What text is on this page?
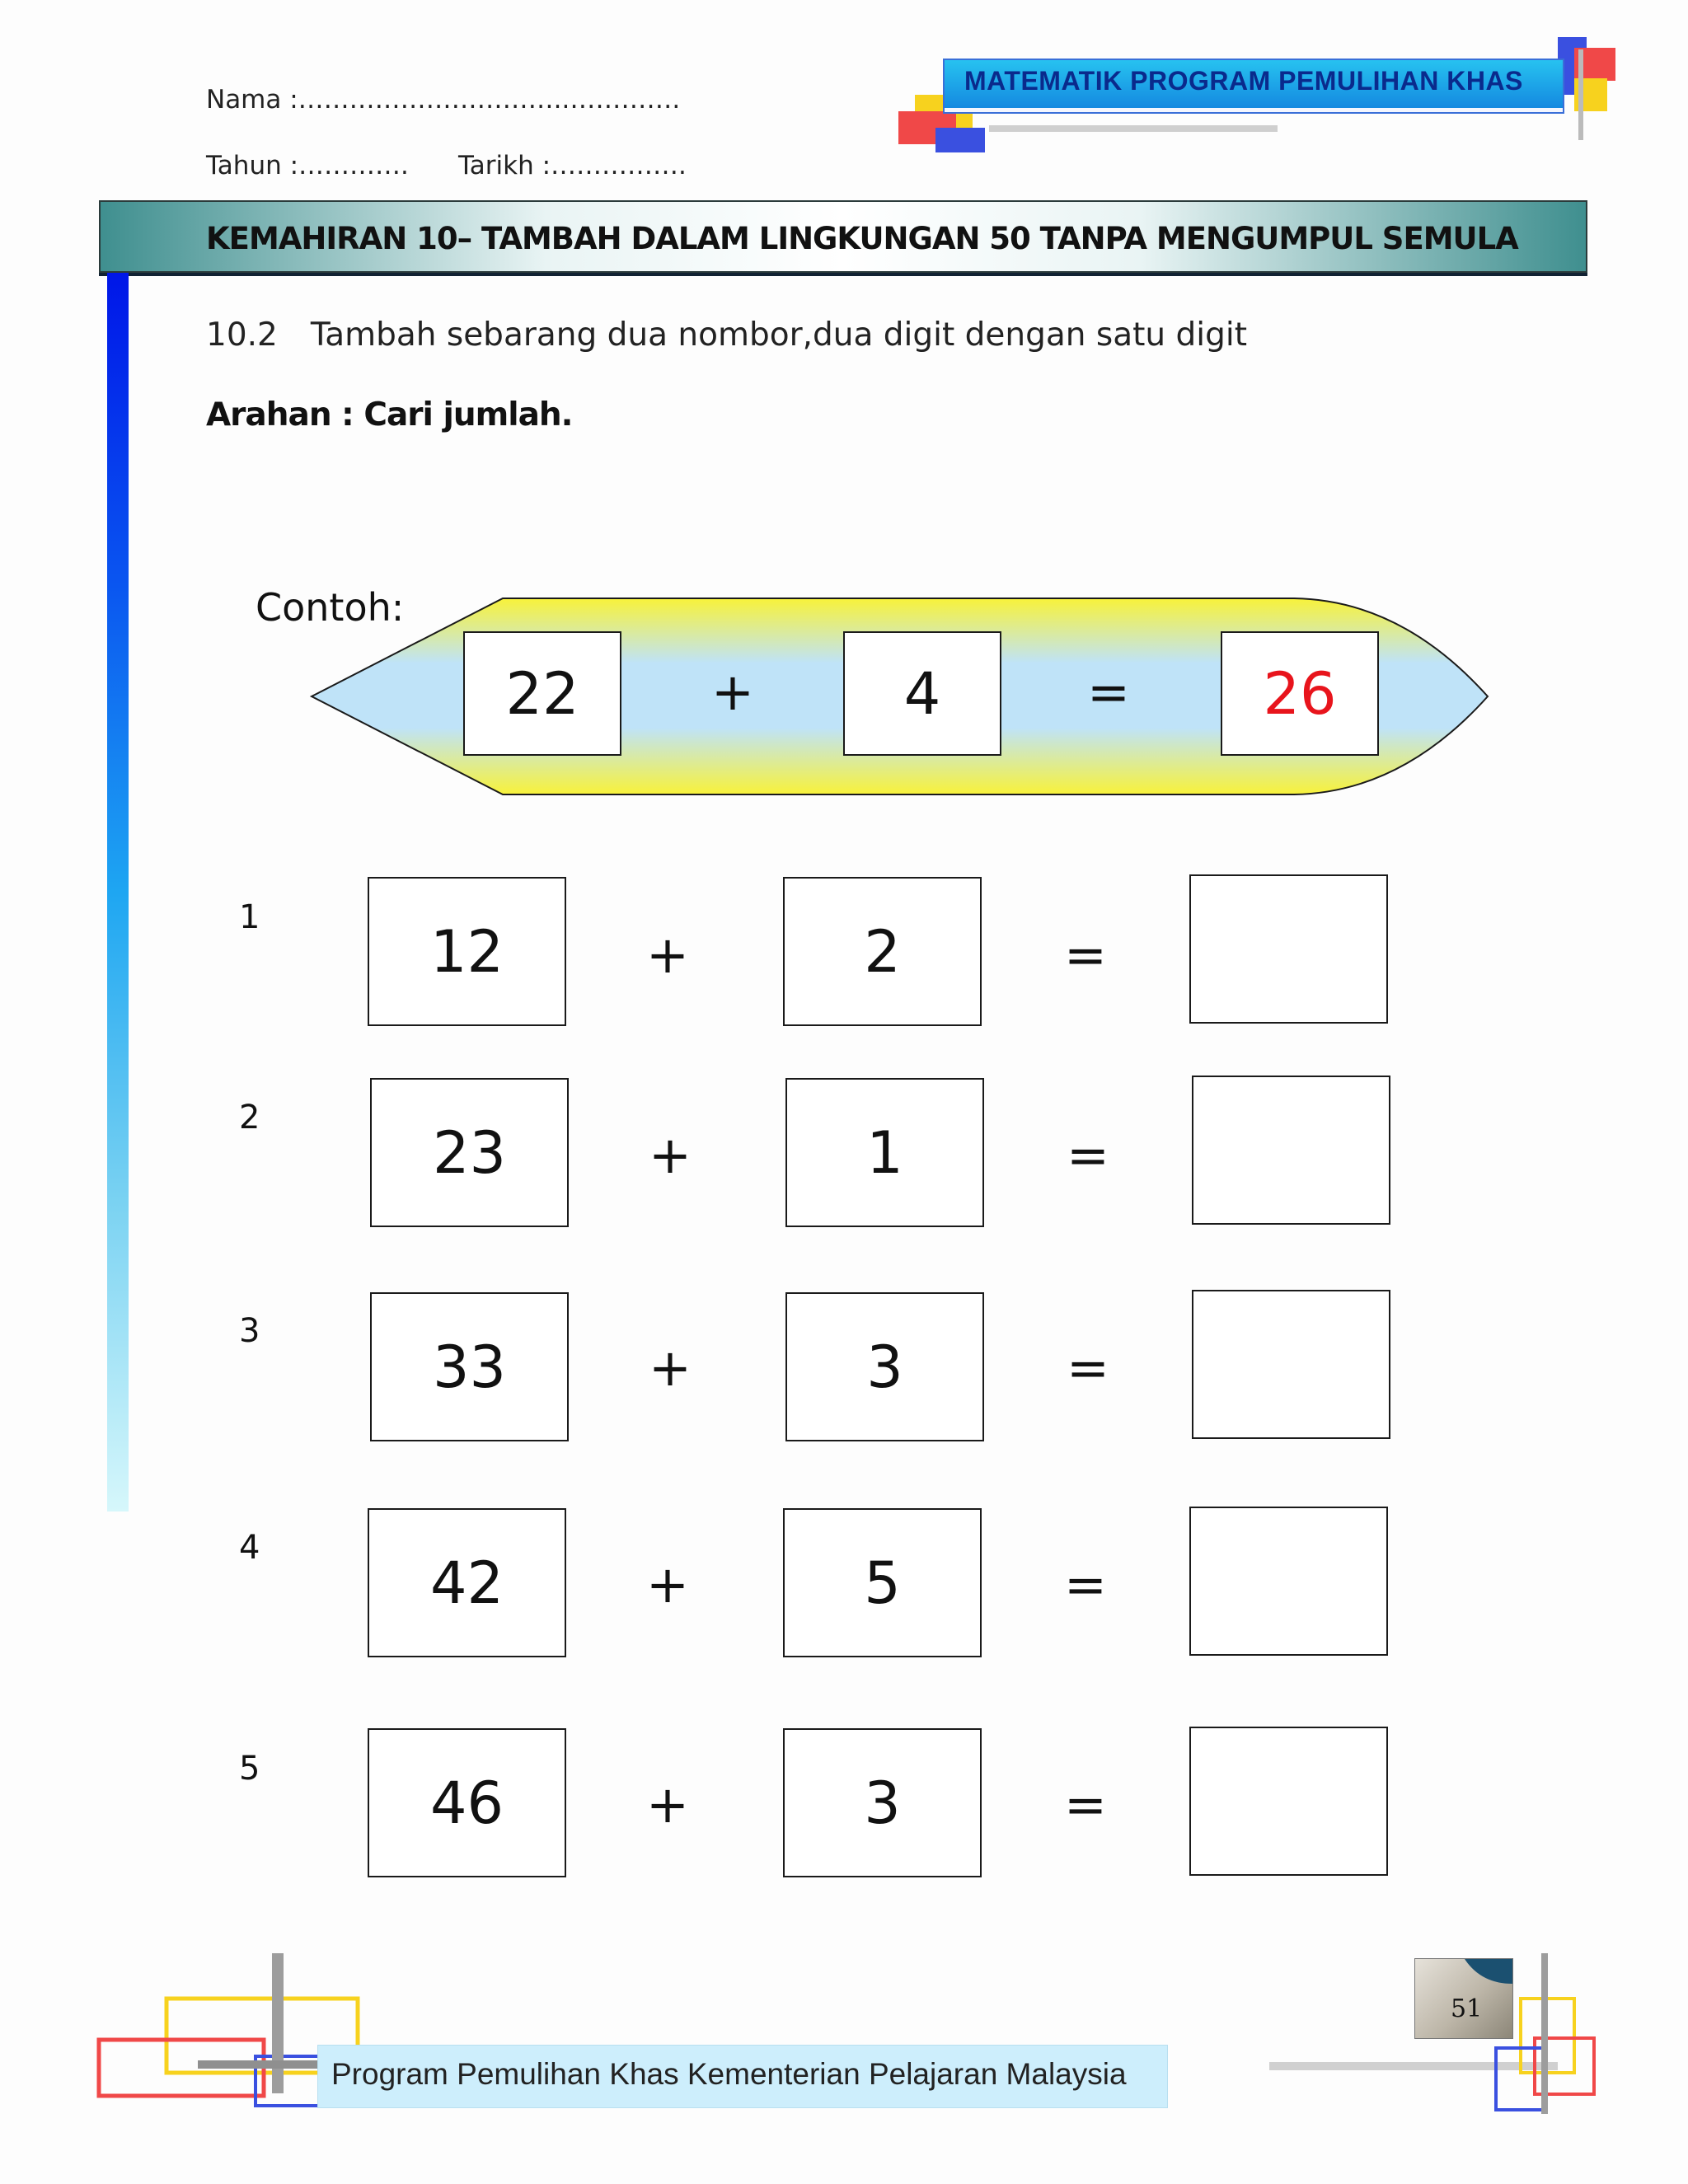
Nama :…………………………..………….
Tahun :…………. Tarikh :…………….
MATEMATIK PROGRAM PEMULIHAN KHAS
KEMAHIRAN 10– TAMBAH DALAM LINGKUNGAN 50 TANPA MENGUMPUL SEMULA
10.2 Tambah sebarang dua nombor,dua digit dengan satu digit
Arahan : Cari jumlah.
Contoh:
22	+	4	=	26
1
12	+	2	=
2
23	+	1	=
3
33	+	3	=
4
42	+	5	=
5
46	+	3	=
Program Pemulihan Khas Kementerian Pelajaran Malaysia
51
